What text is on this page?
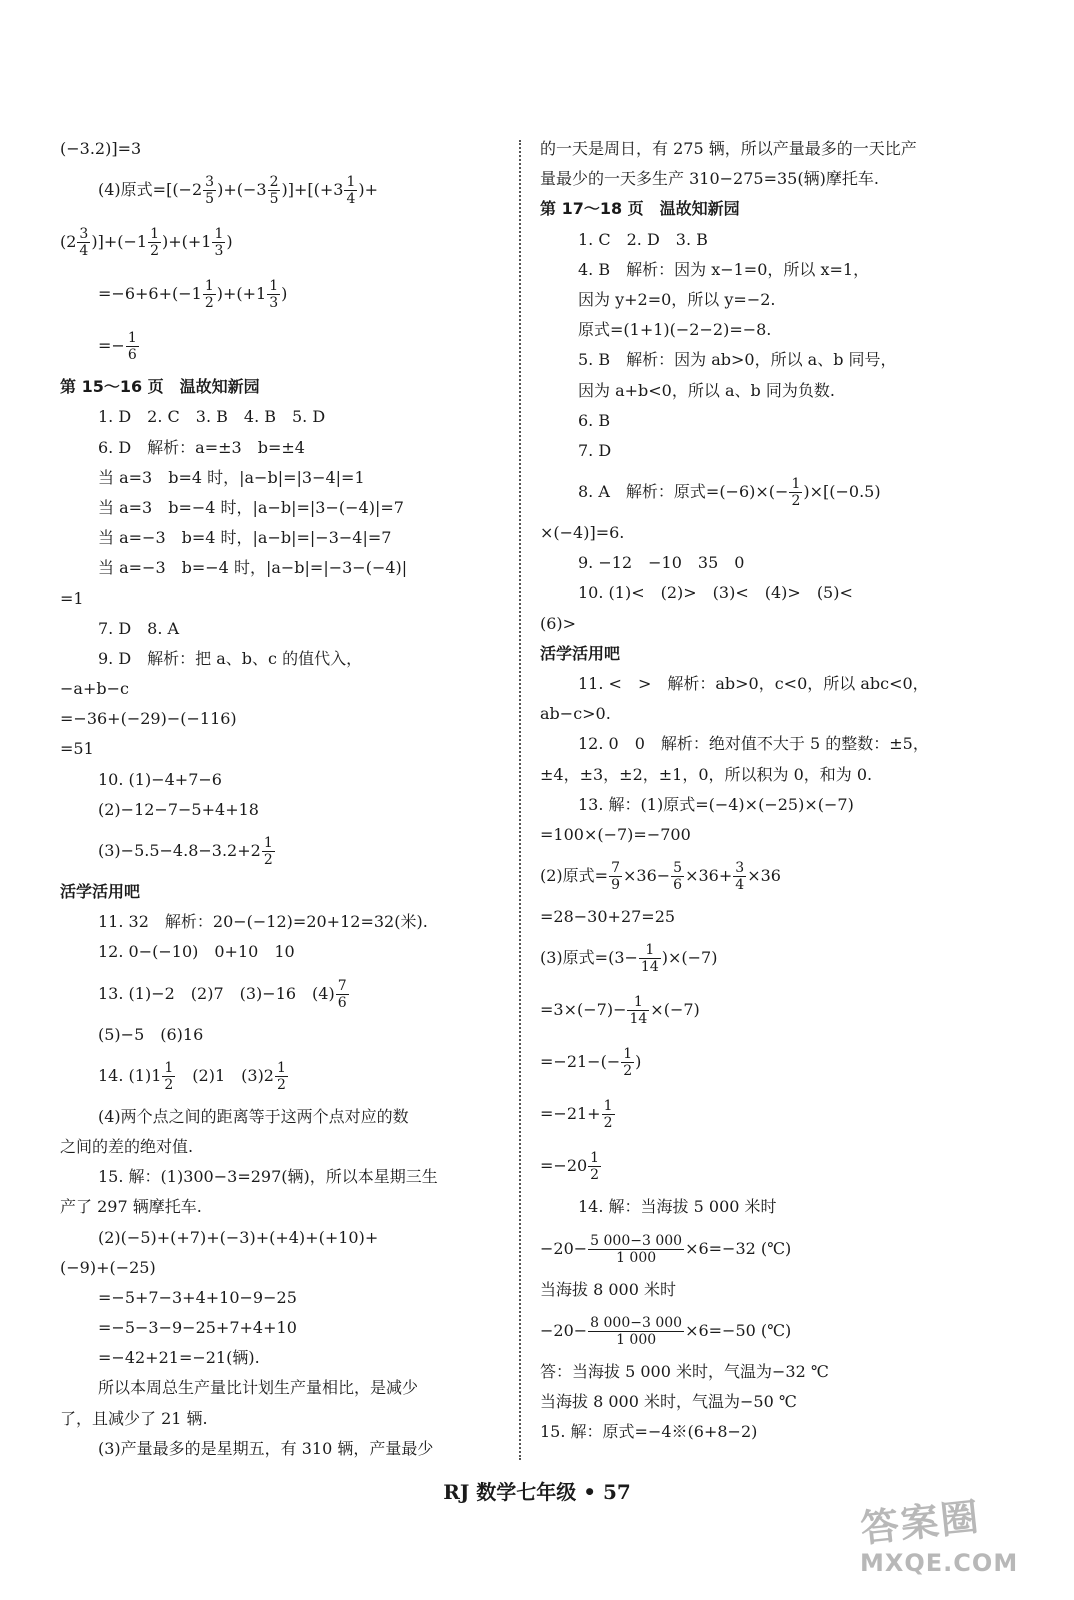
(−3.2)]=3
(4)原式$=[(-2 \frac{3}{5} )+(-3 \frac{2}{5} )]+[(+3 \frac{1}{4}$ )+
$(2 \frac{3}{4} )]+(-1 \frac{1}{2} )+(+1 \frac{1}{3}$ )
$=-6+6+(-1 \frac{1}{2} )+(+1 \frac{1}{3}$ )
=− $\frac{1}{6}$
第 15～16 页　温故知新园
1. D　2. C　3. B　4. B　5. D
6. D　解析：a=±3　b=±4
当 a=3　b=4 时，|a−b|=|3−4|=1
当 a=3　b=−4 时，|a−b|=|3−(−4)|=7
当 a=−3　b=4 时，|a−b|=|−3−4|=7
当 a=−3　b=−4 时，|a−b|=|−3−(−4)|
=1
7. D　8. A
9. D　解析：把 a、b、c 的值代入，
−a+b−c
=−36+(−29)−(−116)
=51
10. (1)−4+7−6
(2)−12−7−5+4+18
$(3)-5.5-4.8-3.2+2 \frac{1}{2}$
活学活用吧
11. 32　解析：20−(−12)=20+12=32(米).
12. 0−(−10)　0+10　10
13. (1)−2　(2)7　(3)−16　$(4) \frac{7}{6}$
(5)−5　(6)16
14. $(1)1 \frac{1}{2}$ 　(2)1　$(3)2 \frac{1}{2}$
(4)两个点之间的距离等于这两个点对应的数
之间的差的绝对值.
15. 解：(1)300−3=297(辆)，所以本星期三生
产了 297 辆摩托车.
(2)(−5)+(+7)+(−3)+(+4)+(+10)+
(−9)+(−25)
=−5+7−3+4+10−9−25
=−5−3−9−25+7+4+10
=−42+21=−21(辆).
所以本周总生产量比计划生产量相比，是减少
了，且减少了 21 辆.
(3)产量最多的是星期五，有 310 辆，产量最少
的一天是周日，有 275 辆，所以产量最多的一天比产
量最少的一天多生产 310−275=35(辆)摩托车.
第 17～18 页　温故知新园
1. C　2. D　3. B
4. B　解析：因为 x−1=0，所以 x=1，
因为 y+2=0，所以 y=−2.
原式=(1+1)(−2−2)=−8.
5. B　解析：因为 ab>0，所以 a、b 同号，
因为 a+b<0，所以 a、b 同为负数.
6. B
7. D
8. A　解析：原式$=(-6)\times(- \frac{1}{2} )\times[(-0.5)$
×(−4)]=6.
9. −12　−10　35　0
10. (1)<　(2)>　(3)<　(4)>　(5)<
(6)>
活学活用吧
11. <　>　解析：ab>0，c<0，所以 abc<0，
ab−c>0.
12. 0　0　解析：绝对值不大于 5 的整数：±5，
±4，±3，±2，±1，0，所以积为 0，和为 0.
13. 解：(1)原式=(−4)×(−25)×(−7)
=100×(−7)=−700
(2)原式= $\frac{7}{9} \times 36- \frac{5}{6} \times 36+ \frac{3}{4} \times 36$
=28−30+27=25
(3)原式$=(3- \frac{1}{14} )\times(-7)$
$=3\times(-7)- \frac{1}{14} \times(-7)$
$=-21-(- \frac{1}{2}$ )
$=-21+ \frac{1}{2}$
$=-20 \frac{1}{2}$
14. 解：当海拔 5 000 米时
$-20- \frac{5 000-3 000}{1 000} \times 6=-32$ (℃)
当海拔 8 000 米时
$-20- \frac{8 000-3 000}{1 000} \times 6=-50$ (℃)
答：当海拔 5 000 米时，气温为−32 ℃
当海拔 8 000 米时，气温为−50 ℃
15. 解：原式=−4※(6+8−2)
RJ 数学七年级 • 57
答案圈
MXQE.COM
